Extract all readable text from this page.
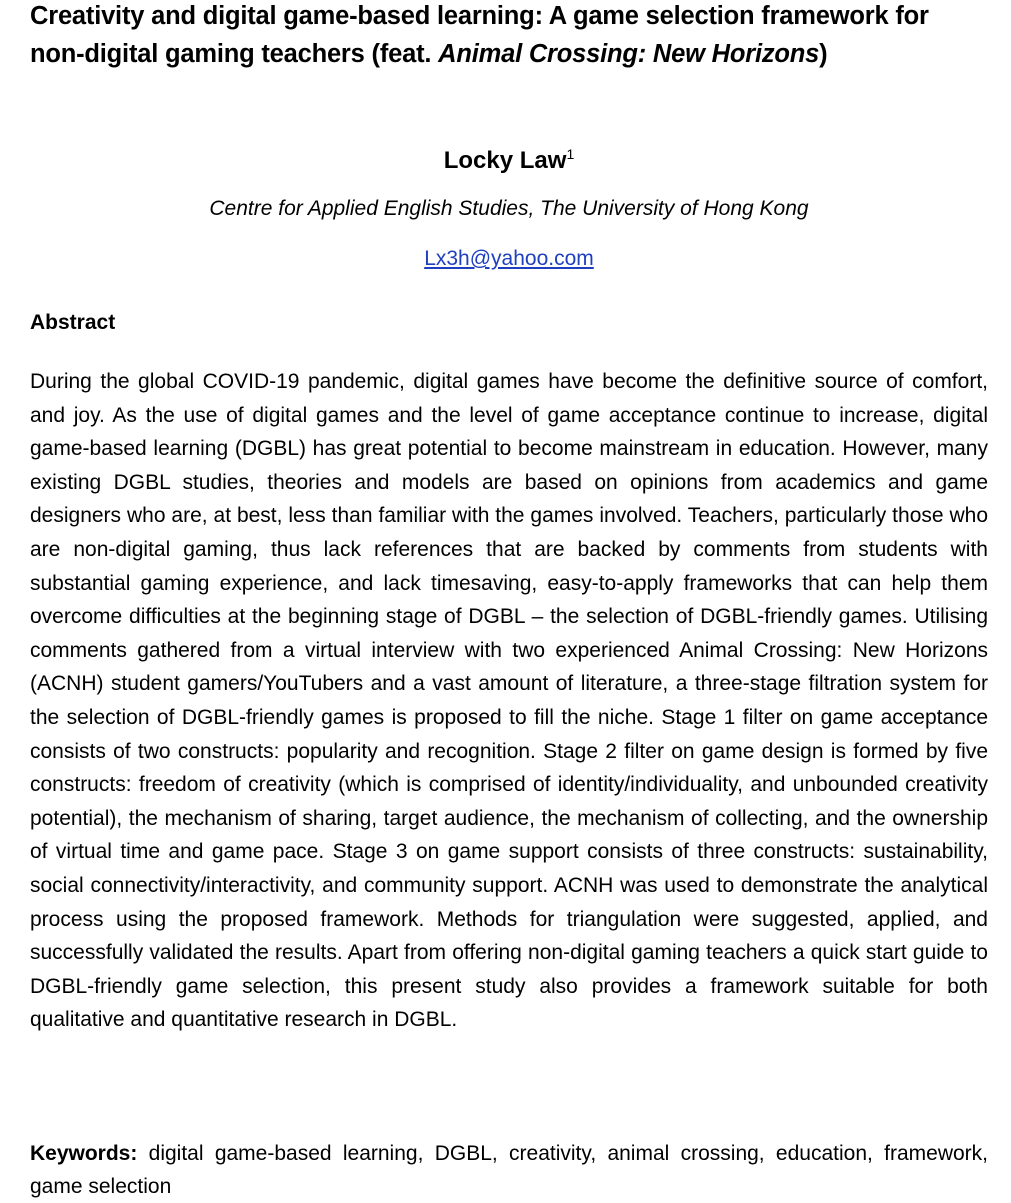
Creativity and digital game-based learning: A game selection framework for non-digital gaming teachers (feat. Animal Crossing: New Horizons)

Locky Law$^1$

Centre for Applied English Studies, The University of Hong Kong

Lx3h@yahoo.com

Abstract

During the global COVID-19 pandemic, digital games have become the definitive source of comfort, and joy. As the use of digital games and the level of game acceptance continue to increase, digital game-based learning (DGBL) has great potential to become mainstream in education. However, many existing DGBL studies, theories and models are based on opinions from academics and game designers who are, at best, less than familiar with the games involved. Teachers, particularly those who are non-digital gaming, thus lack references that are backed by comments from students with substantial gaming experience, and lack timesaving, easy-to-apply frameworks that can help them overcome difficulties at the beginning stage of DGBL – the selection of DGBL-friendly games. Utilising comments gathered from a virtual interview with two experienced Animal Crossing: New Horizons (ACNH) student gamers/YouTubers and a vast amount of literature, a three-stage filtration system for the selection of DGBL-friendly games is proposed to fill the niche. Stage 1 filter on game acceptance consists of two constructs: popularity and recognition. Stage 2 filter on game design is formed by five constructs: freedom of creativity (which is comprised of identity/individuality, and unbounded creativity potential), the mechanism of sharing, target audience, the mechanism of collecting, and the ownership of virtual time and game pace. Stage 3 on game support consists of three constructs: sustainability, social connectivity/interactivity, and community support. ACNH was used to demonstrate the analytical process using the proposed framework. Methods for triangulation were suggested, applied, and successfully validated the results. Apart from offering non-digital gaming teachers a quick start guide to DGBL-friendly game selection, this present study also provides a framework suitable for both qualitative and quantitative research in DGBL.

Keywords: digital game-based learning, DGBL, creativity, animal crossing, education, framework, game selection
